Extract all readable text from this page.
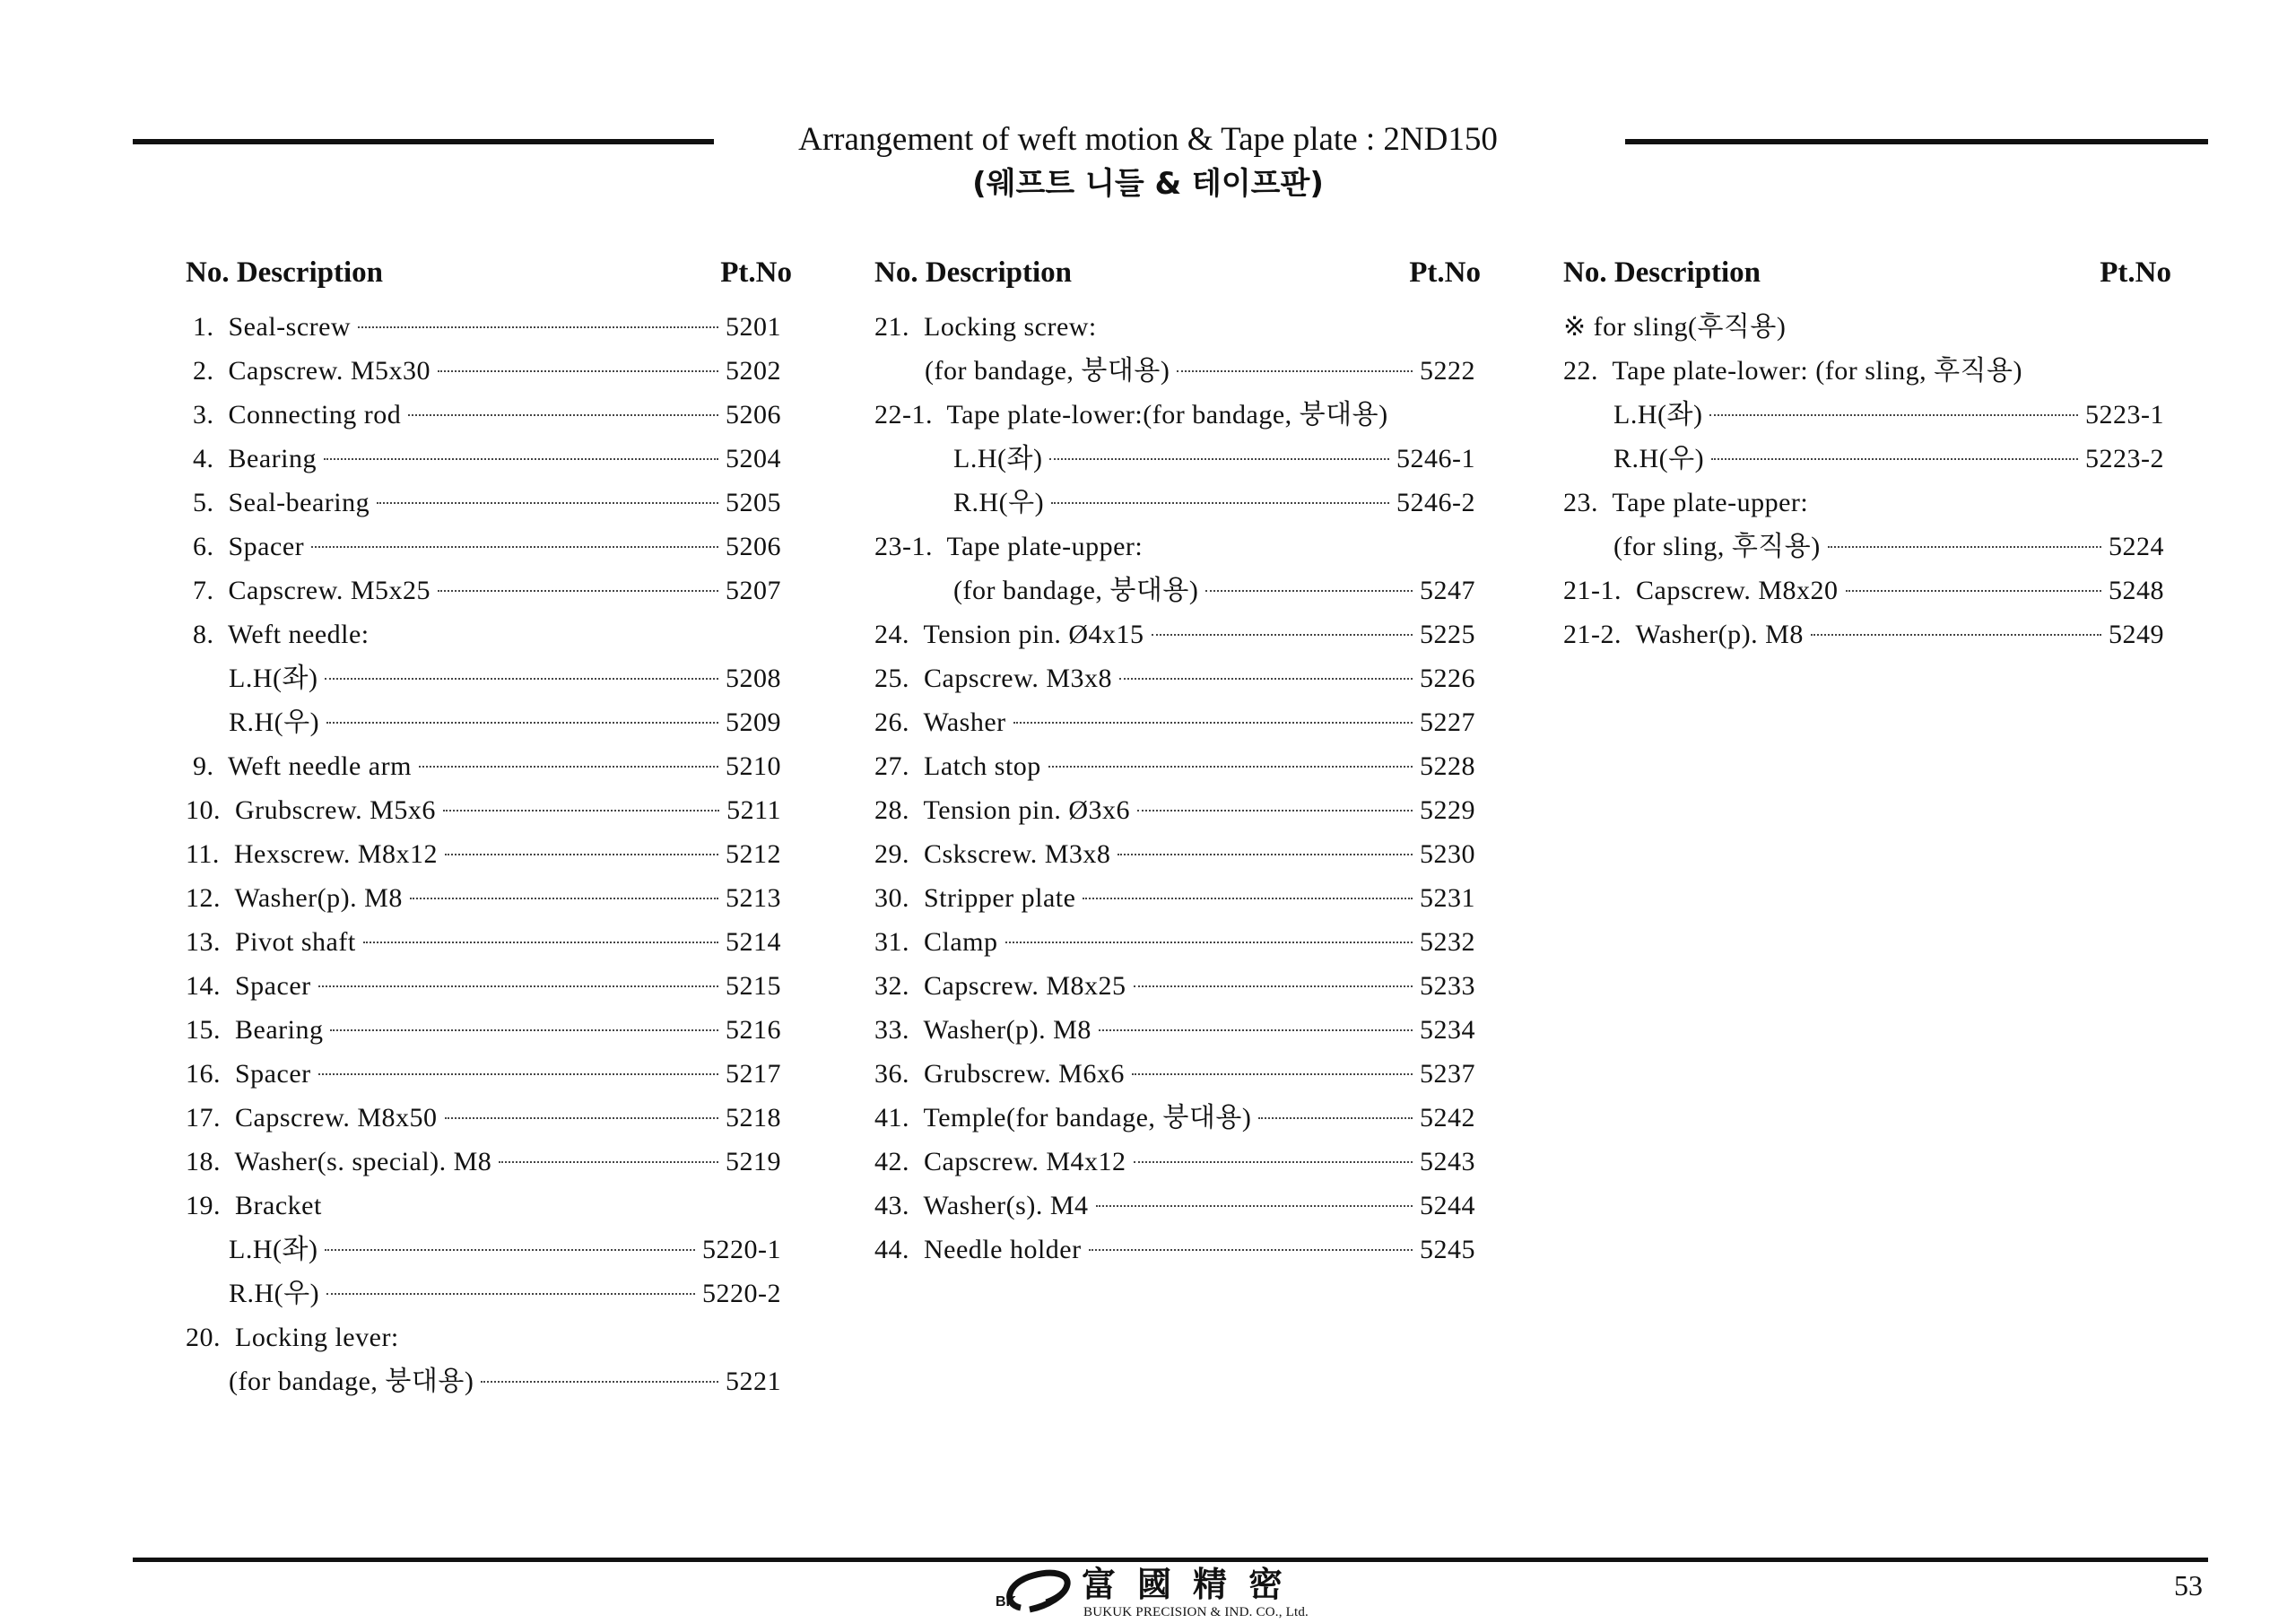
Arrangement of weft motion & Tape plate : 2ND150
(웨프트 니들 & 테이프판)
No. Description	Pt.No
1.  Seal-screw	5201
2.  Capscrew. M5x30	5202
3.  Connecting rod	5206
4.  Bearing	5204
5.  Seal-bearing	5205
6.  Spacer	5206
7.  Capscrew. M5x25	5207
8.  Weft needle:
L.H(좌)	5208
R.H(우)	5209
9.  Weft needle arm	5210
10.  Grubscrew. M5x6	5211
11.  Hexscrew. M8x12	5212
12.  Washer(p). M8	5213
13.  Pivot shaft	5214
14.  Spacer	5215
15.  Bearing	5216
16.  Spacer	5217
17.  Capscrew. M8x50	5218
18.  Washer(s. special). M8	5219
19.  Bracket
L.H(좌)	5220-1
R.H(우)	5220-2
20.  Locking lever:
(for bandage, 붕대용)	5221
No. Description	Pt.No
21.  Locking screw:
(for bandage, 붕대용)	5222
22-1.  Tape plate-lower:(for bandage, 붕대용)
L.H(좌)	5246-1
R.H(우)	5246-2
23-1.  Tape plate-upper:
(for bandage, 붕대용)	5247
24.  Tension pin. Ø4x15	5225
25.  Capscrew. M3x8	5226
26.  Washer	5227
27.  Latch stop	5228
28.  Tension pin. Ø3x6	5229
29.  Cskscrew. M3x8	5230
30.  Stripper plate	5231
31.  Clamp	5232
32.  Capscrew. M8x25	5233
33.  Washer(p). M8	5234
36.  Grubscrew. M6x6	5237
41.  Temple(for bandage, 붕대용)	5242
42.  Capscrew. M4x12	5243
43.  Washer(s). M4	5244
44.  Needle holder	5245
No. Description	Pt.No
※ for sling(후직용)
22.  Tape plate-lower: (for sling, 후직용)
L.H(좌)	5223-1
R.H(우)	5223-2
23.  Tape plate-upper:
(for sling, 후직용)	5224
21-1.  Capscrew. M8x20	5248
21-2.  Washer(p). M8	5249
BK 富國精密
BUKUK PRECISION & IND. CO., Ltd.
53
